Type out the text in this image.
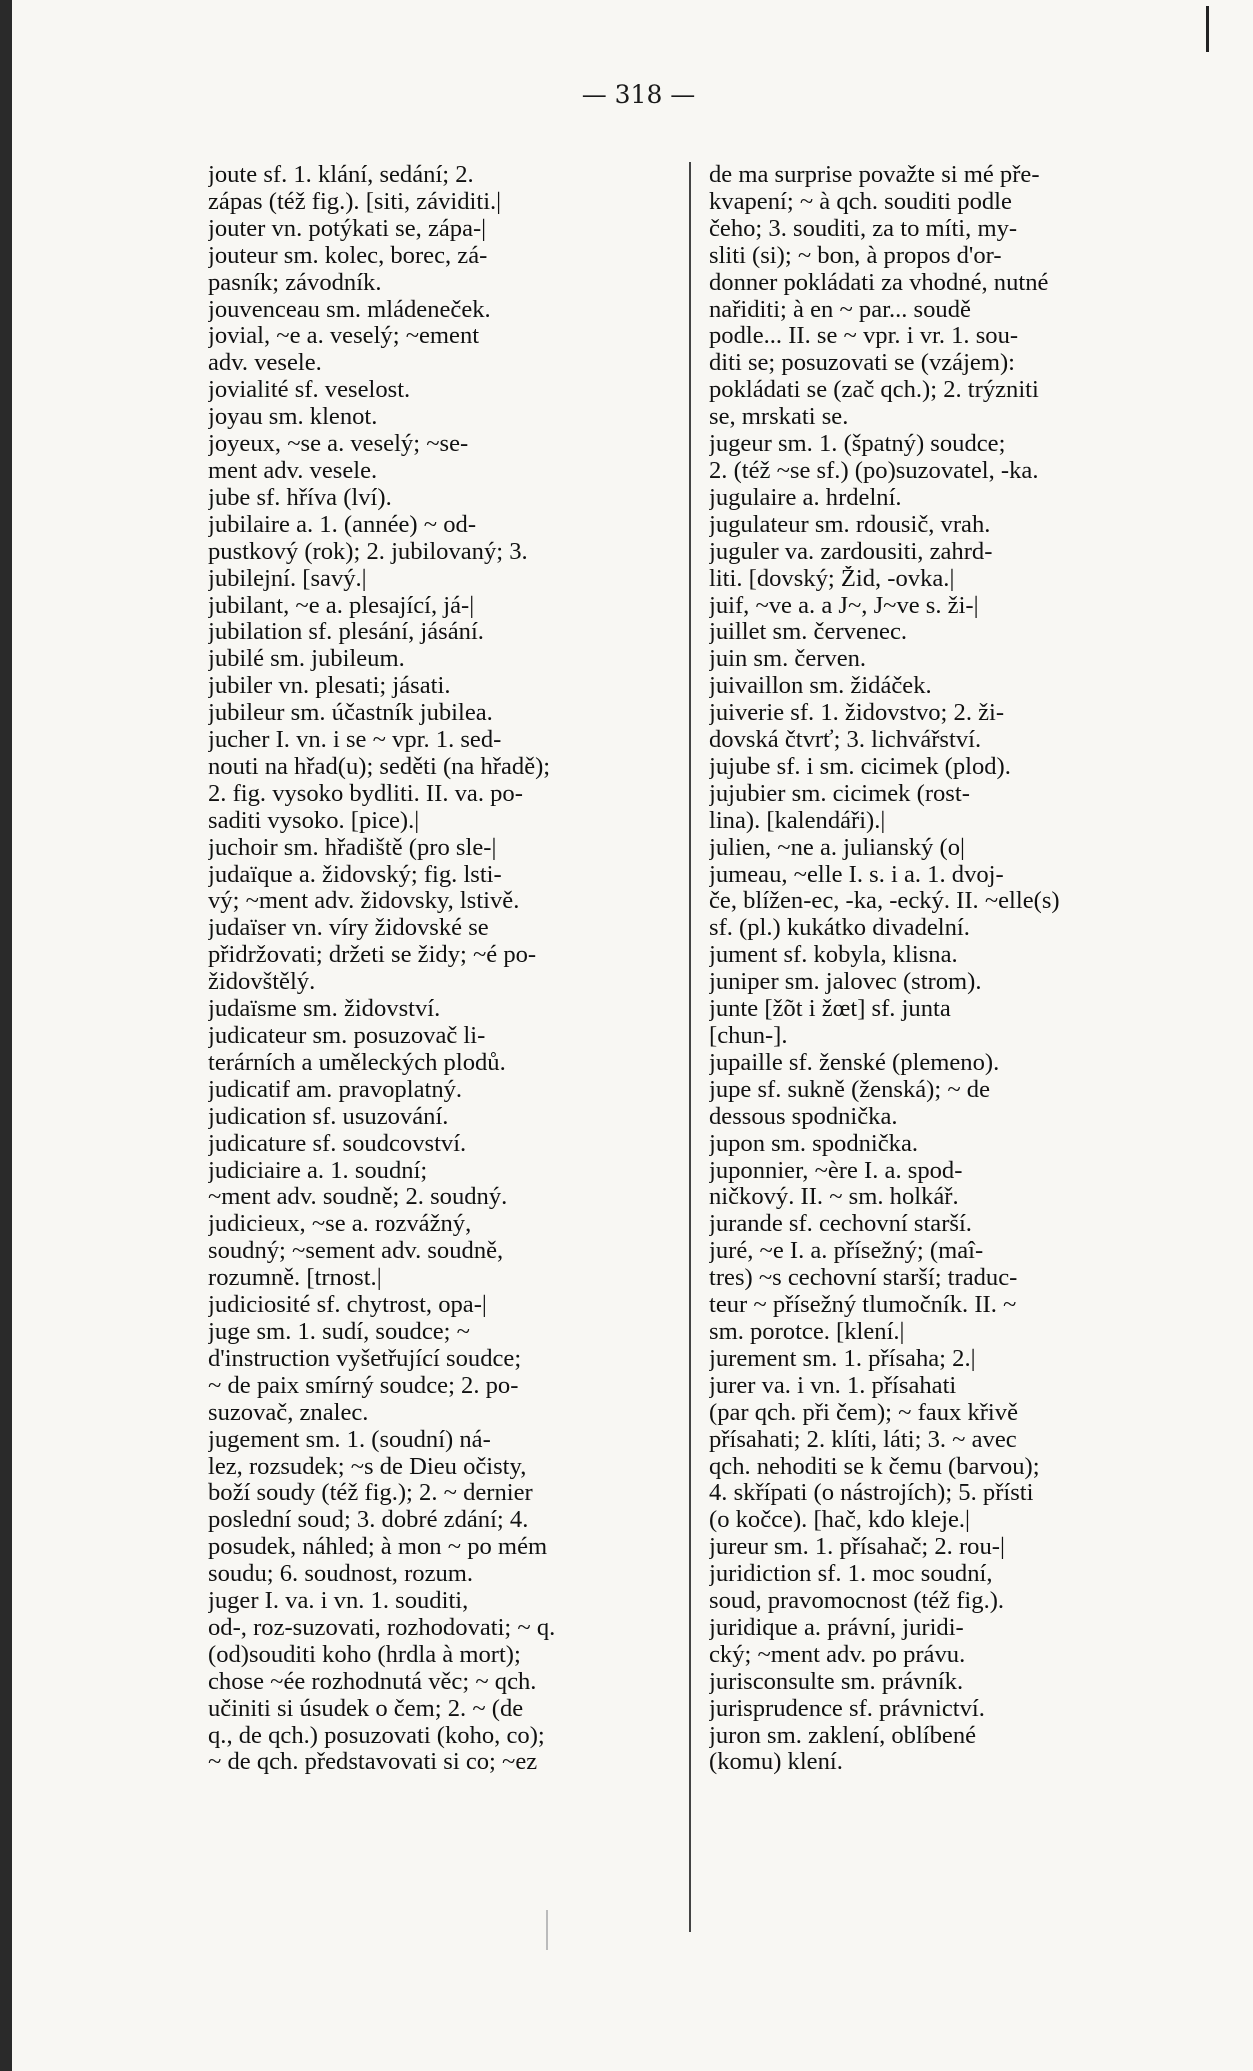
— 318 —
joute sf. 1. klání, sedání; 2.
zápas (též fig.). [siti, záviditi.|
jouter vn. potýkati se, zápa-|
jouteur sm. kolec, borec, zá-
pasník; závodník.
jouvenceau sm. mládeneček.
jovial, ~e a. veselý; ~ement
adv. vesele.
jovialité sf. veselost.
joyau sm. klenot.
joyeux, ~se a. veselý; ~se-
ment adv. vesele.
jube sf. hříva (lví).
jubilaire a. 1. (année) ~ od-
pustkový (rok); 2. jubilovaný; 3.
jubilejní. [savý.|
jubilant, ~e a. plesající, já-|
jubilation sf. plesání, jásání.
jubilé sm. jubileum.
jubiler vn. plesati; jásati.
jubileur sm. účastník jubilea.
jucher I. vn. i se ~ vpr. 1. sed-
nouti na hřad(u); seděti (na hřadě);
2. fig. vysoko bydliti. II. va. po-
saditi vysoko. [pice).|
juchoir sm. hřadiště (pro sle-|
judaïque a. židovský; fig. lsti-
vý; ~ment adv. židovsky, lstivě.
judaïser vn. víry židovské se
přidržovati; držeti se židy; ~é po-
židovštělý.
judaïsme sm. židovství.
judicateur sm. posuzovač li-
terárních a uměleckých plodů.
judicatif am. pravoplatný.
judication sf. usuzování.
judicature sf. soudcovství.
judiciaire a. 1. soudní;
~ment adv. soudně; 2. soudný.
judicieux, ~se a. rozvážný,
soudný; ~sement adv. soudně,
rozumně. [trnost.|
judiciosité sf. chytrost, opa-|
juge sm. 1. sudí, soudce; ~
d'instruction vyšetřující soudce;
~ de paix smírný soudce; 2. po-
suzovač, znalec.
jugement sm. 1. (soudní) ná-
lez, rozsudek; ~s de Dieu očisty,
boží soudy (též fig.); 2. ~ dernier
poslední soud; 3. dobré zdání; 4.
posudek, náhled; à mon ~ po mém
soudu; 6. soudnost, rozum.
juger I. va. i vn. 1. souditi,
od-, roz-suzovati, rozhodovati; ~ q.
(od)souditi koho (hrdla à mort);
chose ~ée rozhodnutá věc; ~ qch.
učiniti si úsudek o čem; 2. ~ (de
q., de qch.) posuzovati (koho, co);
~ de qch. představovati si co; ~ez
de ma surprise považte si mé pře-
kvapení; ~ à qch. souditi podle
čeho; 3. souditi, za to míti, my-
sliti (si); ~ bon, à propos d'or-
donner pokládati za vhodné, nutné
nařiditi; à en ~ par... soudě
podle... II. se ~ vpr. i vr. 1. sou-
diti se; posuzovati se (vzájem):
pokládati se (zač qch.); 2. trýzniti
se, mrskati se.
jugeur sm. 1. (špatný) soudce;
2. (též ~se sf.) (po)suzovatel, -ka.
jugulaire a. hrdelní.
jugulateur sm. rdousič, vrah.
juguler va. zardousiti, zahrd-
liti. [dovský; Žid, -ovka.|
juif, ~ve a. a J~, J~ve s. ži-|
juillet sm. červenec.
juin sm. červen.
juivaillon sm. židáček.
juiverie sf. 1. židovstvo; 2. ži-
dovská čtvrť; 3. lichvářství.
jujube sf. i sm. cicimek (plod).
jujubier sm. cicimek (rost-
lina). [kalendáři).|
julien, ~ne a. julianský (o|
jumeau, ~elle I. s. i a. 1. dvoj-
če, blížen-ec, -ka, -ecký. II. ~elle(s)
sf. (pl.) kukátko divadelní.
jument sf. kobyla, klisna.
juniper sm. jalovec (strom).
junte [žõt i žœt] sf. junta
[chun-].
jupaille sf. ženské (plemeno).
jupe sf. sukně (ženská); ~ de
dessous spodnička.
jupon sm. spodnička.
juponnier, ~ère I. a. spod-
ničkový. II. ~ sm. holkář.
jurande sf. cechovní starší.
juré, ~e I. a. přísežný; (maî-
tres) ~s cechovní starší; traduc-
teur ~ přísežný tlumočník. II. ~
sm. porotce. [klení.|
jurement sm. 1. přísaha; 2.|
jurer va. i vn. 1. přísahati
(par qch. při čem); ~ faux křivě
přísahati; 2. klíti, láti; 3. ~ avec
qch. nehoditi se k čemu (barvou);
4. skřípati (o nástrojích); 5. přísti
(o kočce). [hač, kdo kleje.|
jureur sm. 1. přísahač; 2. rou-|
juridiction sf. 1. moc soudní,
soud, pravomocnost (též fig.).
juridique a. právní, juridi-
cký; ~ment adv. po právu.
jurisconsulte sm. právník.
jurisprudence sf. právnictví.
juron sm. zaklení, oblíbené
(komu) klení.
